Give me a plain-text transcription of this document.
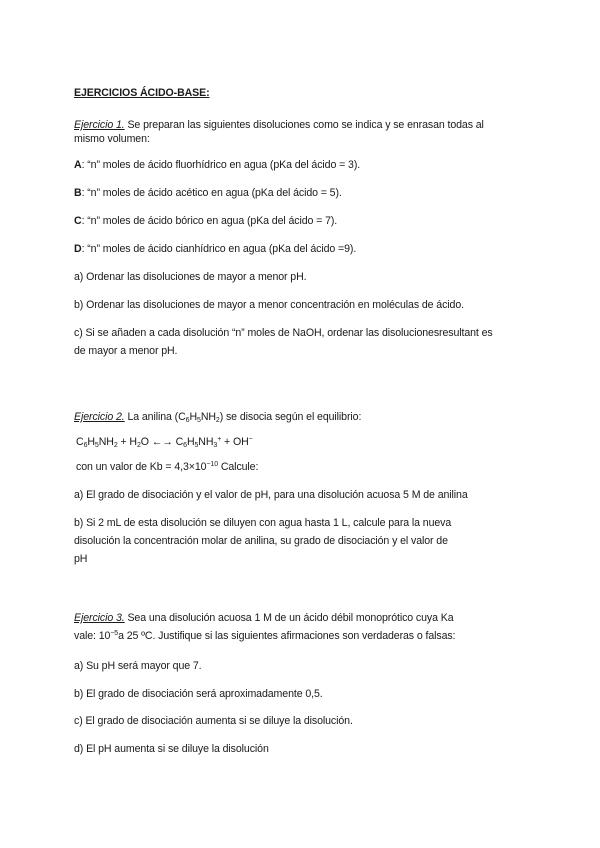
EJERCICIOS ÁCIDO-BASE:
Ejercicio 1. Se preparan las siguientes disoluciones como se indica y se enrasan todas al
mismo volumen:
A: “n” moles de ácido fluorhídrico en agua (pKa del ácido = 3).
B: “n” moles de ácido acético en agua (pKa del ácido = 5).
C: “n” moles de ácido bórico en agua (pKa del ácido = 7).
D: “n” moles de ácido cianhídrico en agua (pKa del ácido =9).
a) Ordenar las disoluciones de mayor a menor pH.
b) Ordenar las disoluciones de mayor a menor concentración en moléculas de ácido.
c) Si se añaden a cada disolución “n” moles de NaOH, ordenar las disolucionesresultant es
de mayor a menor pH.
Ejercicio 2. La anilina $(C_6H_5NH_2)$ se disocia según el equilibrio:
$C_6H_5NH_2 + H_2O$ ←→ $C_6H_5NH_3^+ + OH^-$
con un valor de $Kb = 4,3\times 10^{-10}$ Calcule:
a) El grado de disociación y el valor de pH, para una disolución acuosa 5 M de anilina
b) Si 2 mL de esta disolución se diluyen con agua hasta 1 L, calcule para la nueva
disolución la concentración molar de anilina, su grado de disociación y el valor de
pH
Ejercicio 3. Sea una disolución acuosa 1 M de un ácido débil monoprótico cuya Ka
vale: $10^{-5}a$ 25 ºC. Justifique si las siguientes afirmaciones son verdaderas o falsas:
a) Su pH será mayor que 7.
b) El grado de disociación será aproximadamente 0,5.
c) El grado de disociación aumenta si se diluye la disolución.
d) El pH aumenta si se diluye la disolución
